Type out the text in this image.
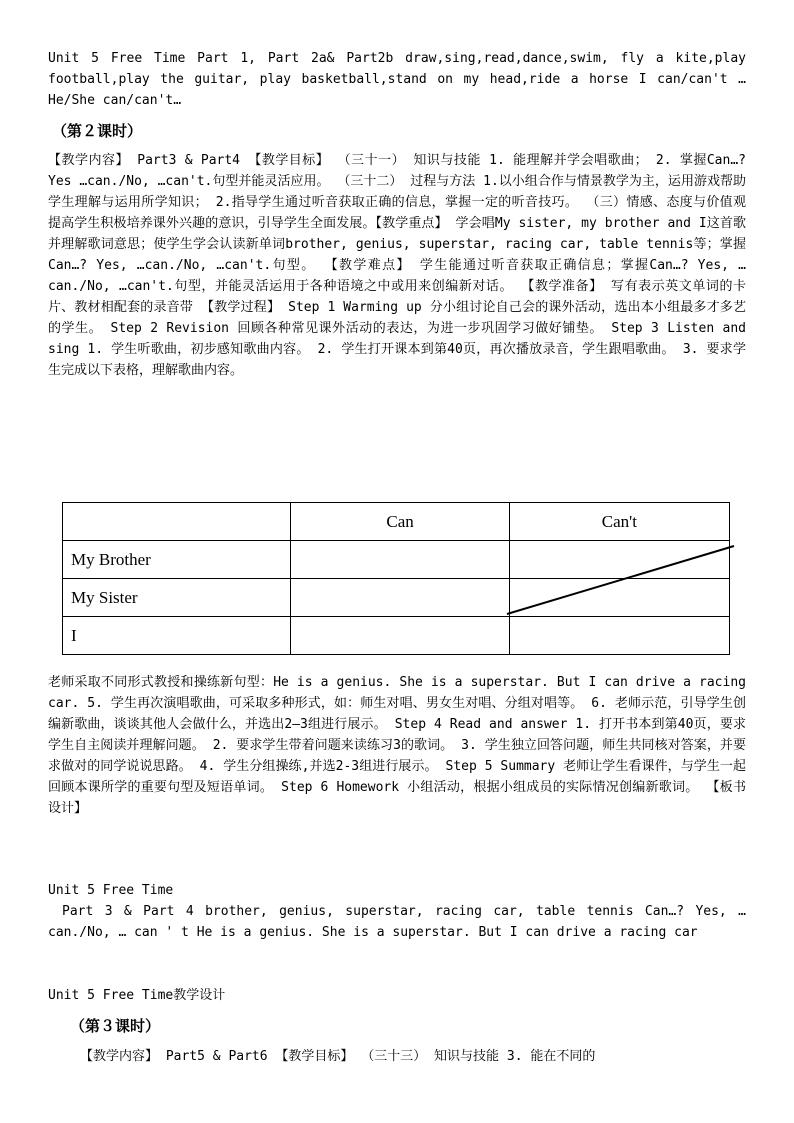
Unit 5 Free Time Part 1, Part 2a& Part2b draw,sing,read,dance,swim, fly a kite,play football,play the guitar, play basketball,stand on my head,ride a horse I can/can't … He/She can/can't…

（第２课时）

【教学内容】 Part3 & Part4 【教学目标】 （三十一） 知识与技能 1. 能理解并学会唱歌曲； 2. 掌握Can…? Yes …can./No, …can't.句型并能灵活应用。 （三十二） 过程与方法 1.以小组合作与情景教学为主，运用游戏帮助学生理解与运用所学知识； 2.指导学生通过听音获取正确的信息，掌握一定的听音技巧。 （三）情感、态度与价值观 提高学生积极培养课外兴趣的意识，引导学生全面发展。【教学重点】 学会唱My sister, my brother and I这首歌并理解歌词意思；使学生学会认读新单词brother, genius, superstar, racing car, table tennis等；掌握Can…? Yes, …can./No, …can't.句型。 【教学难点】 学生能通过听音获取正确信息；掌握Can…? Yes, …can./No, …can't.句型，并能灵活运用于各种语境之中或用来创编新对话。 【教学准备】 写有表示英文单词的卡片、教材相配套的录音带 【教学过程】 Step 1 Warming up 分小组讨论自己会的课外活动，选出本小组最多才多艺的学生。 Step 2 Revision 回顾各种常见课外活动的表达，为进一步巩固学习做好铺垫。 Step 3 Listen and sing 1. 学生听歌曲，初步感知歌曲内容。 2. 学生打开课本到第40页，再次播放录音，学生跟唱歌曲。 3. 要求学生完成以下表格，理解歌曲内容。

	Can	Can't
My Brother		
My Sister		
I		

老师采取不同形式教授和操练新句型：He is a genius. She is a superstar. But I can drive a racing car. 5. 学生再次演唱歌曲，可采取多种形式，如：师生对唱、男女生对唱、分组对唱等。 6. 老师示范，引导学生创编新歌曲，谈谈其他人会做什么，并选出2—3组进行展示。 Step 4 Read and answer 1. 打开书本到第40页，要求学生自主阅读并理解问题。 2. 要求学生带着问题来读练习3的歌词。 3. 学生独立回答问题，师生共同核对答案，并要求做对的同学说说思路。 4. 学生分组操练,并选2-3组进行展示。 Step 5 Summary 老师让学生看课件，与学生一起回顾本课所学的重要句型及短语单词。 Step 6 Homework 小组活动，根据小组成员的实际情况创编新歌词。 【板书设计】

Unit 5 Free Time

Part 3 & Part 4 brother, genius, superstar, racing car, table tennis Can…? Yes, … can./No, … can ' t He is a genius. She is a superstar. But I can drive a racing car

Unit 5 Free Time教学设计

（第３课时）

【教学内容】 Part5 & Part6 【教学目标】 （三十三） 知识与技能 3. 能在不同的
